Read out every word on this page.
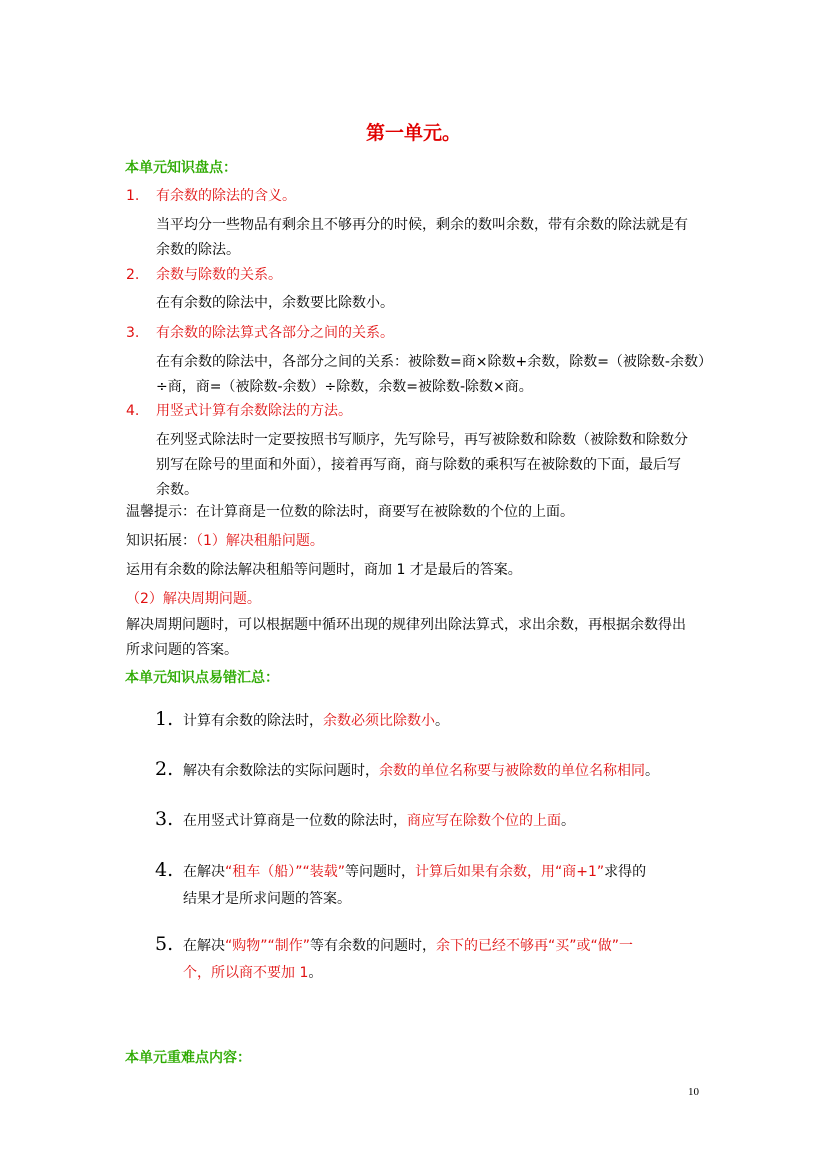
第一单元。
本单元知识盘点：
1. 有余数的除法的含义。
当平均分一些物品有剩余且不够再分的时候，剩余的数叫余数，带有余数的除法就是有
余数的除法。
2. 余数与除数的关系。
在有余数的除法中，余数要比除数小。
3. 有余数的除法算式各部分之间的关系。
在有余数的除法中，各部分之间的关系：被除数=商×除数+余数，除数=（被除数-余数）
÷商，商=（被除数-余数）÷除数，余数=被除数-除数×商。
4. 用竖式计算有余数除法的方法。
在列竖式除法时一定要按照书写顺序，先写除号，再写被除数和除数（被除数和除数分
别写在除号的里面和外面），接着再写商，商与除数的乘积写在被除数的下面，最后写
余数。
温馨提示：在计算商是一位数的除法时，商要写在被除数的个位的上面。
知识拓展：（1）解决租船问题。
运用有余数的除法解决租船等问题时，商加 1 才是最后的答案。
（2）解决周期问题。
解决周期问题时，可以根据题中循环出现的规律列出除法算式，求出余数，再根据余数得出
所求问题的答案。
本单元知识点易错汇总：
1. 计算有余数的除法时，余数必须比除数小。
2. 解决有余数除法的实际问题时，余数的单位名称要与被除数的单位名称相同。
3. 在用竖式计算商是一位数的除法时，商应写在除数个位的上面。
4. 在解决“租车（船）”“装载”等问题时，计算后如果有余数，用“商+1”求得的
结果才是所求问题的答案。
5. 在解决“购物”“制作”等有余数的问题时，余下的已经不够再“买”或“做”一
个，所以商不要加 1。
本单元重难点内容：
10
